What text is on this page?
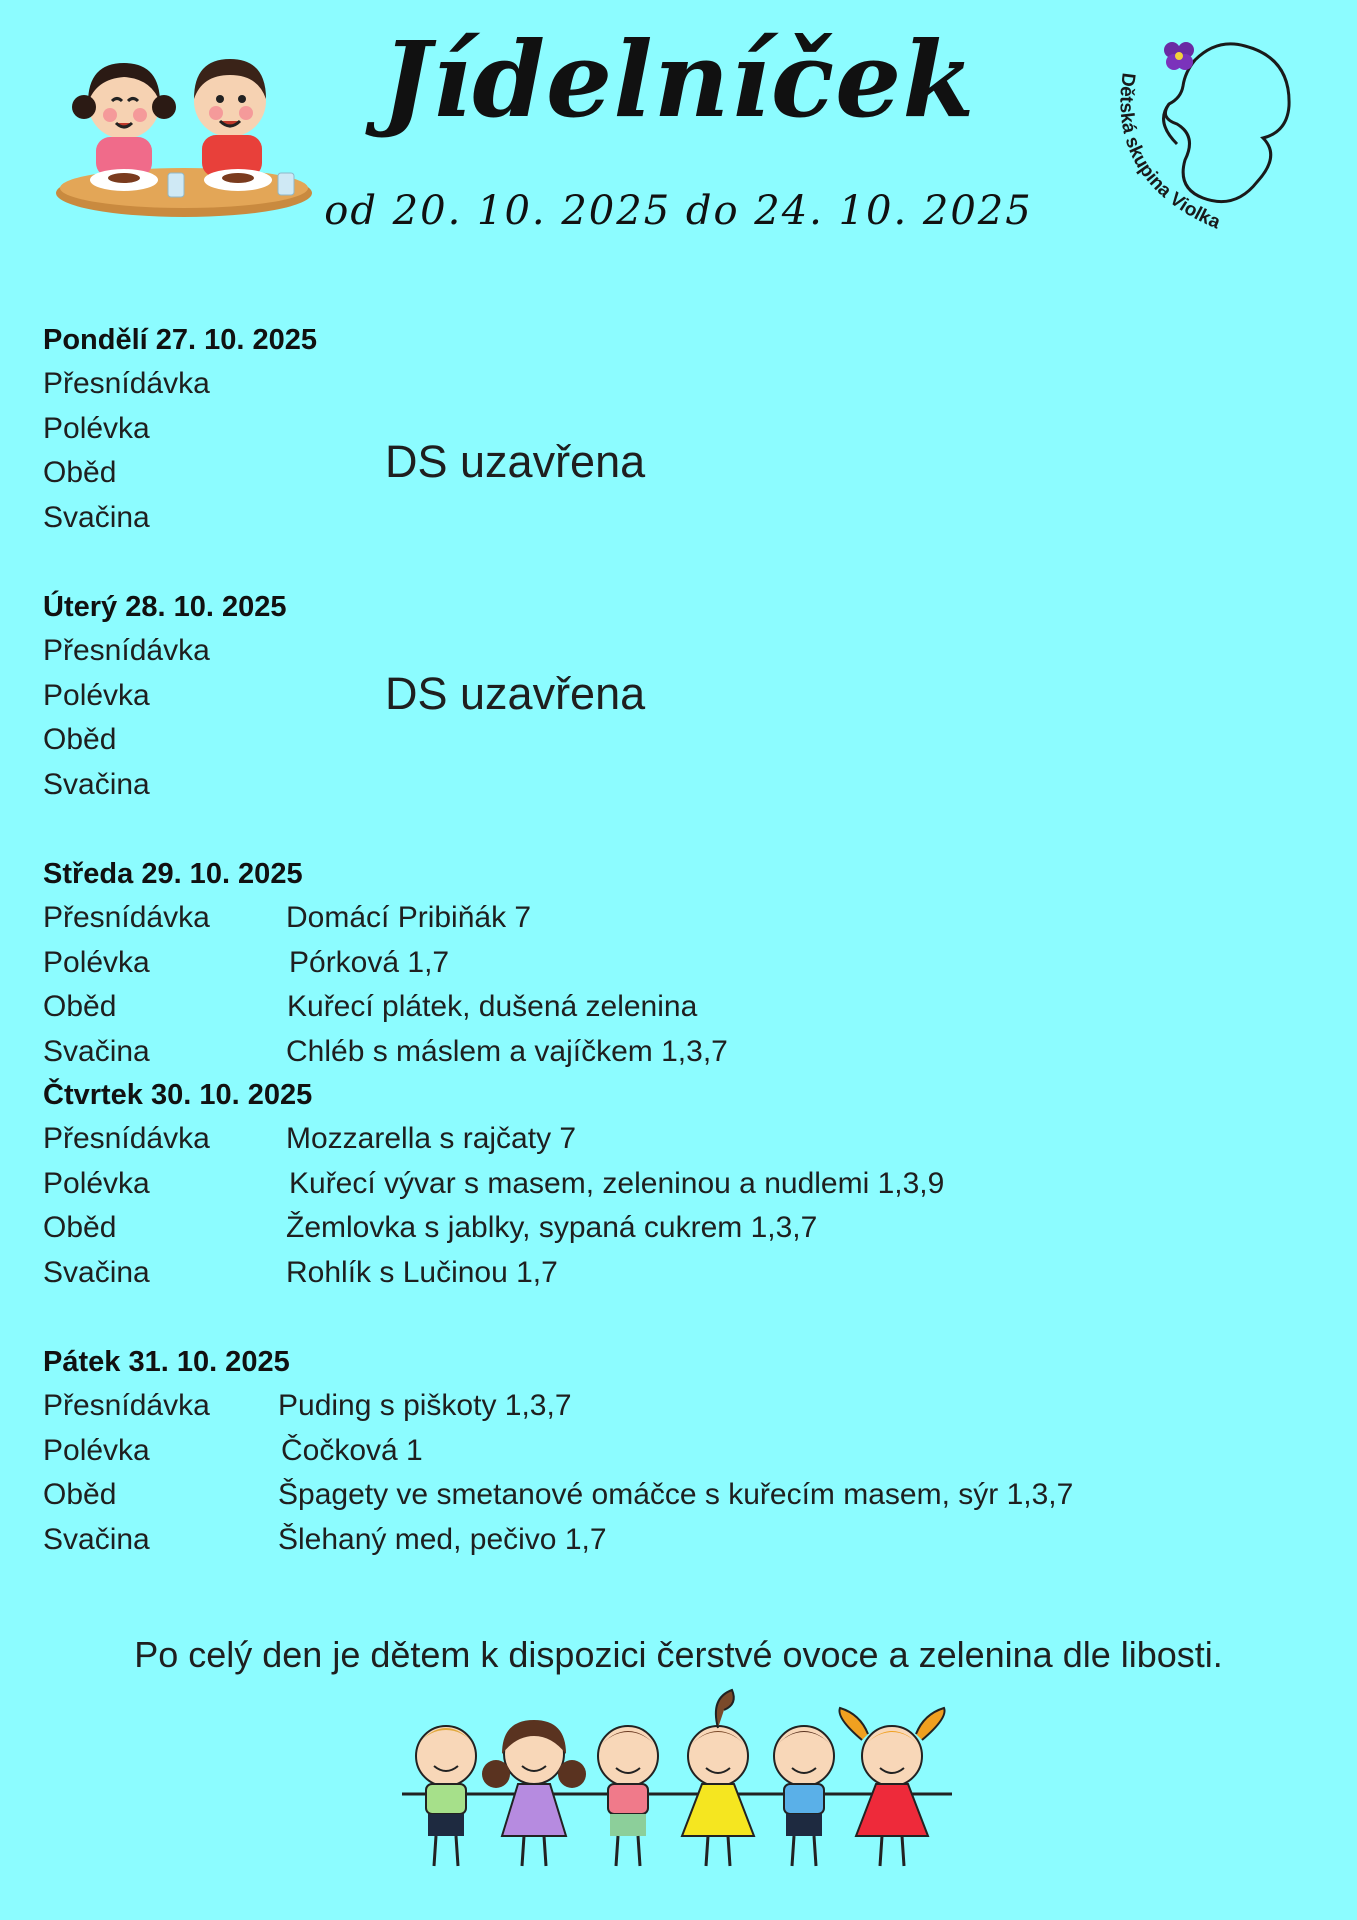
Jídelníček
od 20. 10. 2025 do 24. 10. 2025
Dětská skupina Violka
Pondělí 27. 10. 2025
Přesnídávka
Polévka
Oběd
Svačina
DS uzavřena
Úterý 28. 10. 2025
Přesnídávka
Polévka
Oběd
Svačina
DS uzavřena
Středa 29. 10. 2025
Přesnídávka	Domácí Pribiňák 7
Polévka	Pórková 1,7
Oběd	Kuřecí plátek, dušená zelenina
Svačina	Chléb s máslem a vajíčkem 1,3,7
Čtvrtek 30. 10. 2025
Přesnídávka	Mozzarella s rajčaty 7
Polévka	Kuřecí vývar s masem, zeleninou a nudlemi 1,3,9
Oběd	Žemlovka s jablky, sypaná cukrem 1,3,7
Svačina	Rohlík s Lučinou 1,7
Pátek 31. 10. 2025
Přesnídávka Puding s piškoty 1,3,7
Polévka	Čočková 1
Oběd	Špagety ve smetanové omáčce s kuřecím masem, sýr 1,3,7
Svačina	Šlehaný med, pečivo 1,7
Po celý den je dětem k dispozici čerstvé ovoce a zelenina dle libosti.
